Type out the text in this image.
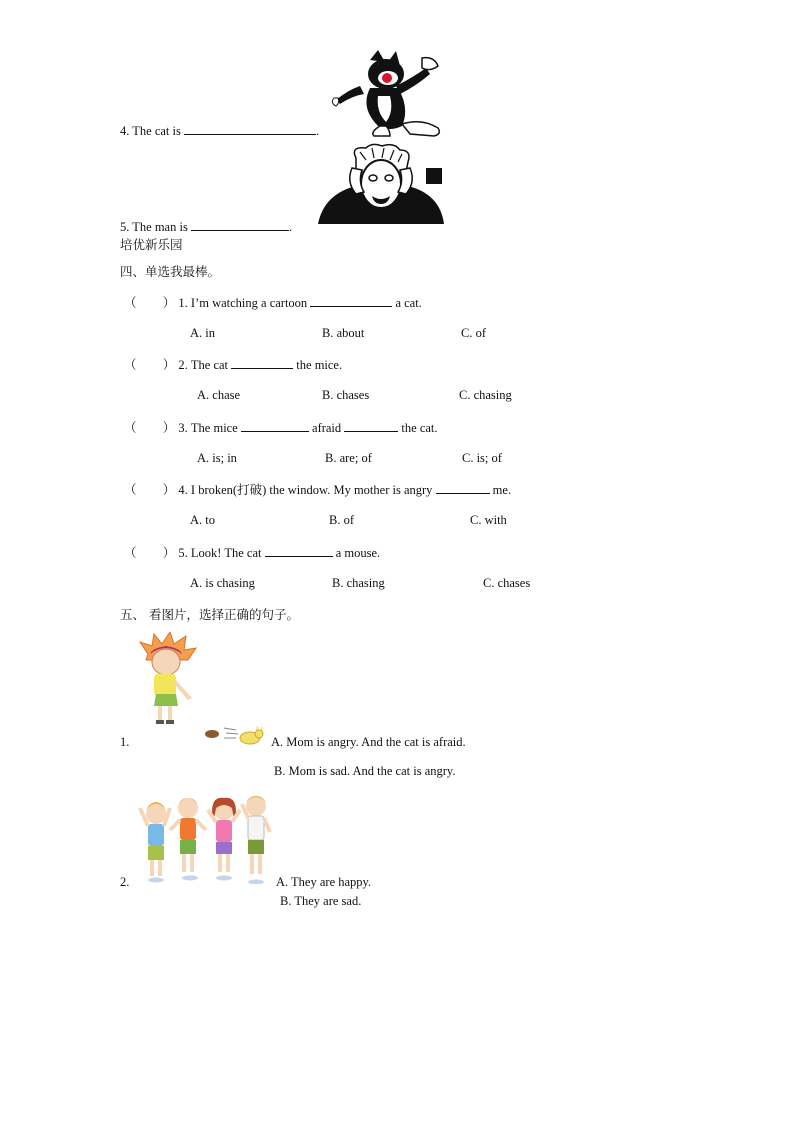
4. The cat is	.
5. The man is	.
培优新乐园
四、单选我最棒。
（ ） 1. I’m watching a cartoon	a cat.
A. in	B. about	C. of
（ ） 2. The cat	the mice.
A. chase	B. chases	C. chasing
（ ） 3. The mice	afraid	the cat.
A. is; in	B. are; of	C. is; of
（ ） 4. I broken(打破) the window. My mother is angry	me.
A. to	B. of	C. with
（ ） 5. Look! The cat	a mouse.
A. is chasing	B. chasing	C. chases
五、 看图片，选择正确的句子。
1.	A. Mom is angry. And the cat is afraid.
B. Mom is sad. And the cat is angry.
2.	A. They are happy.
B. They are sad.
